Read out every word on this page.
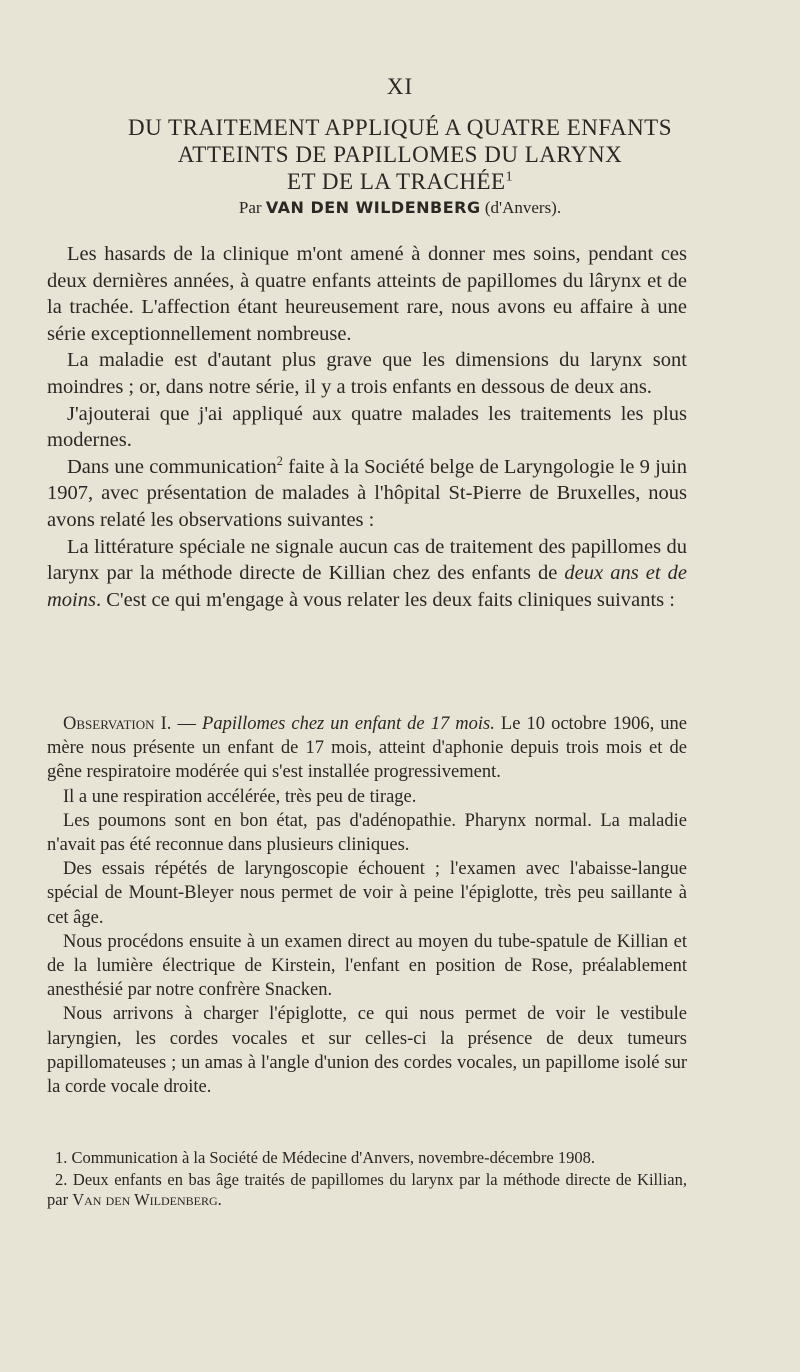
XI
DU TRAITEMENT APPLIQUÉ A QUATRE ENFANTS
ATTEINTS DE PAPILLOMES DU LARYNX
ET DE LA TRACHÉE$^1$
Par VAN DEN WILDENBERG (d'Anvers).

Les hasards de la clinique m'ont amené à donner mes soins, pendant ces deux dernières années, à quatre enfants atteints de papillomes du lârynx et de la trachée. L'affection étant heureusement rare, nous avons eu affaire à une série exceptionnellement nombreuse.

La maladie est d'autant plus grave que les dimensions du larynx sont moindres ; or, dans notre série, il y a trois enfants en dessous de deux ans.

J'ajouterai que j'ai appliqué aux quatre malades les traitements les plus modernes.

Dans une communication$^2$ faite à la Société belge de Laryngologie le 9 juin 1907, avec présentation de malades à l'hôpital St-Pierre de Bruxelles, nous avons relaté les observations suivantes :

La littérature spéciale ne signale aucun cas de traitement des papillomes du larynx par la méthode directe de Killian chez des enfants de deux ans et de moins. C'est ce qui m'engage à vous relater les deux faits cliniques suivants :

Observation I. — Papillomes chez un enfant de 17 mois. Le 10 octobre 1906, une mère nous présente un enfant de 17 mois, atteint d'aphonie depuis trois mois et de gêne respiratoire modérée qui s'est installée progressivement.

Il a une respiration accélérée, très peu de tirage.

Les poumons sont en bon état, pas d'adénopathie. Pharynx normal. La maladie n'avait pas été reconnue dans plusieurs cliniques.

Des essais répétés de laryngoscopie échouent ; l'examen avec l'abaisse-langue spécial de Mount-Bleyer nous permet de voir à peine l'épiglotte, très peu saillante à cet âge.

Nous procédons ensuite à un examen direct au moyen du tube-spatule de Killian et de la lumière électrique de Kirstein, l'enfant en position de Rose, préalablement anesthésié par notre confrère Snacken.

Nous arrivons à charger l'épiglotte, ce qui nous permet de voir le vestibule laryngien, les cordes vocales et sur celles-ci la présence de deux tumeurs papillomateuses ; un amas à l'angle d'union des cordes vocales, un papillome isolé sur la corde vocale droite.

1. Communication à la Société de Médecine d'Anvers, novembre-décembre 1908.

2. Deux enfants en bas âge traités de papillomes du larynx par la méthode directe de Killian, par Van den Wildenberg.
